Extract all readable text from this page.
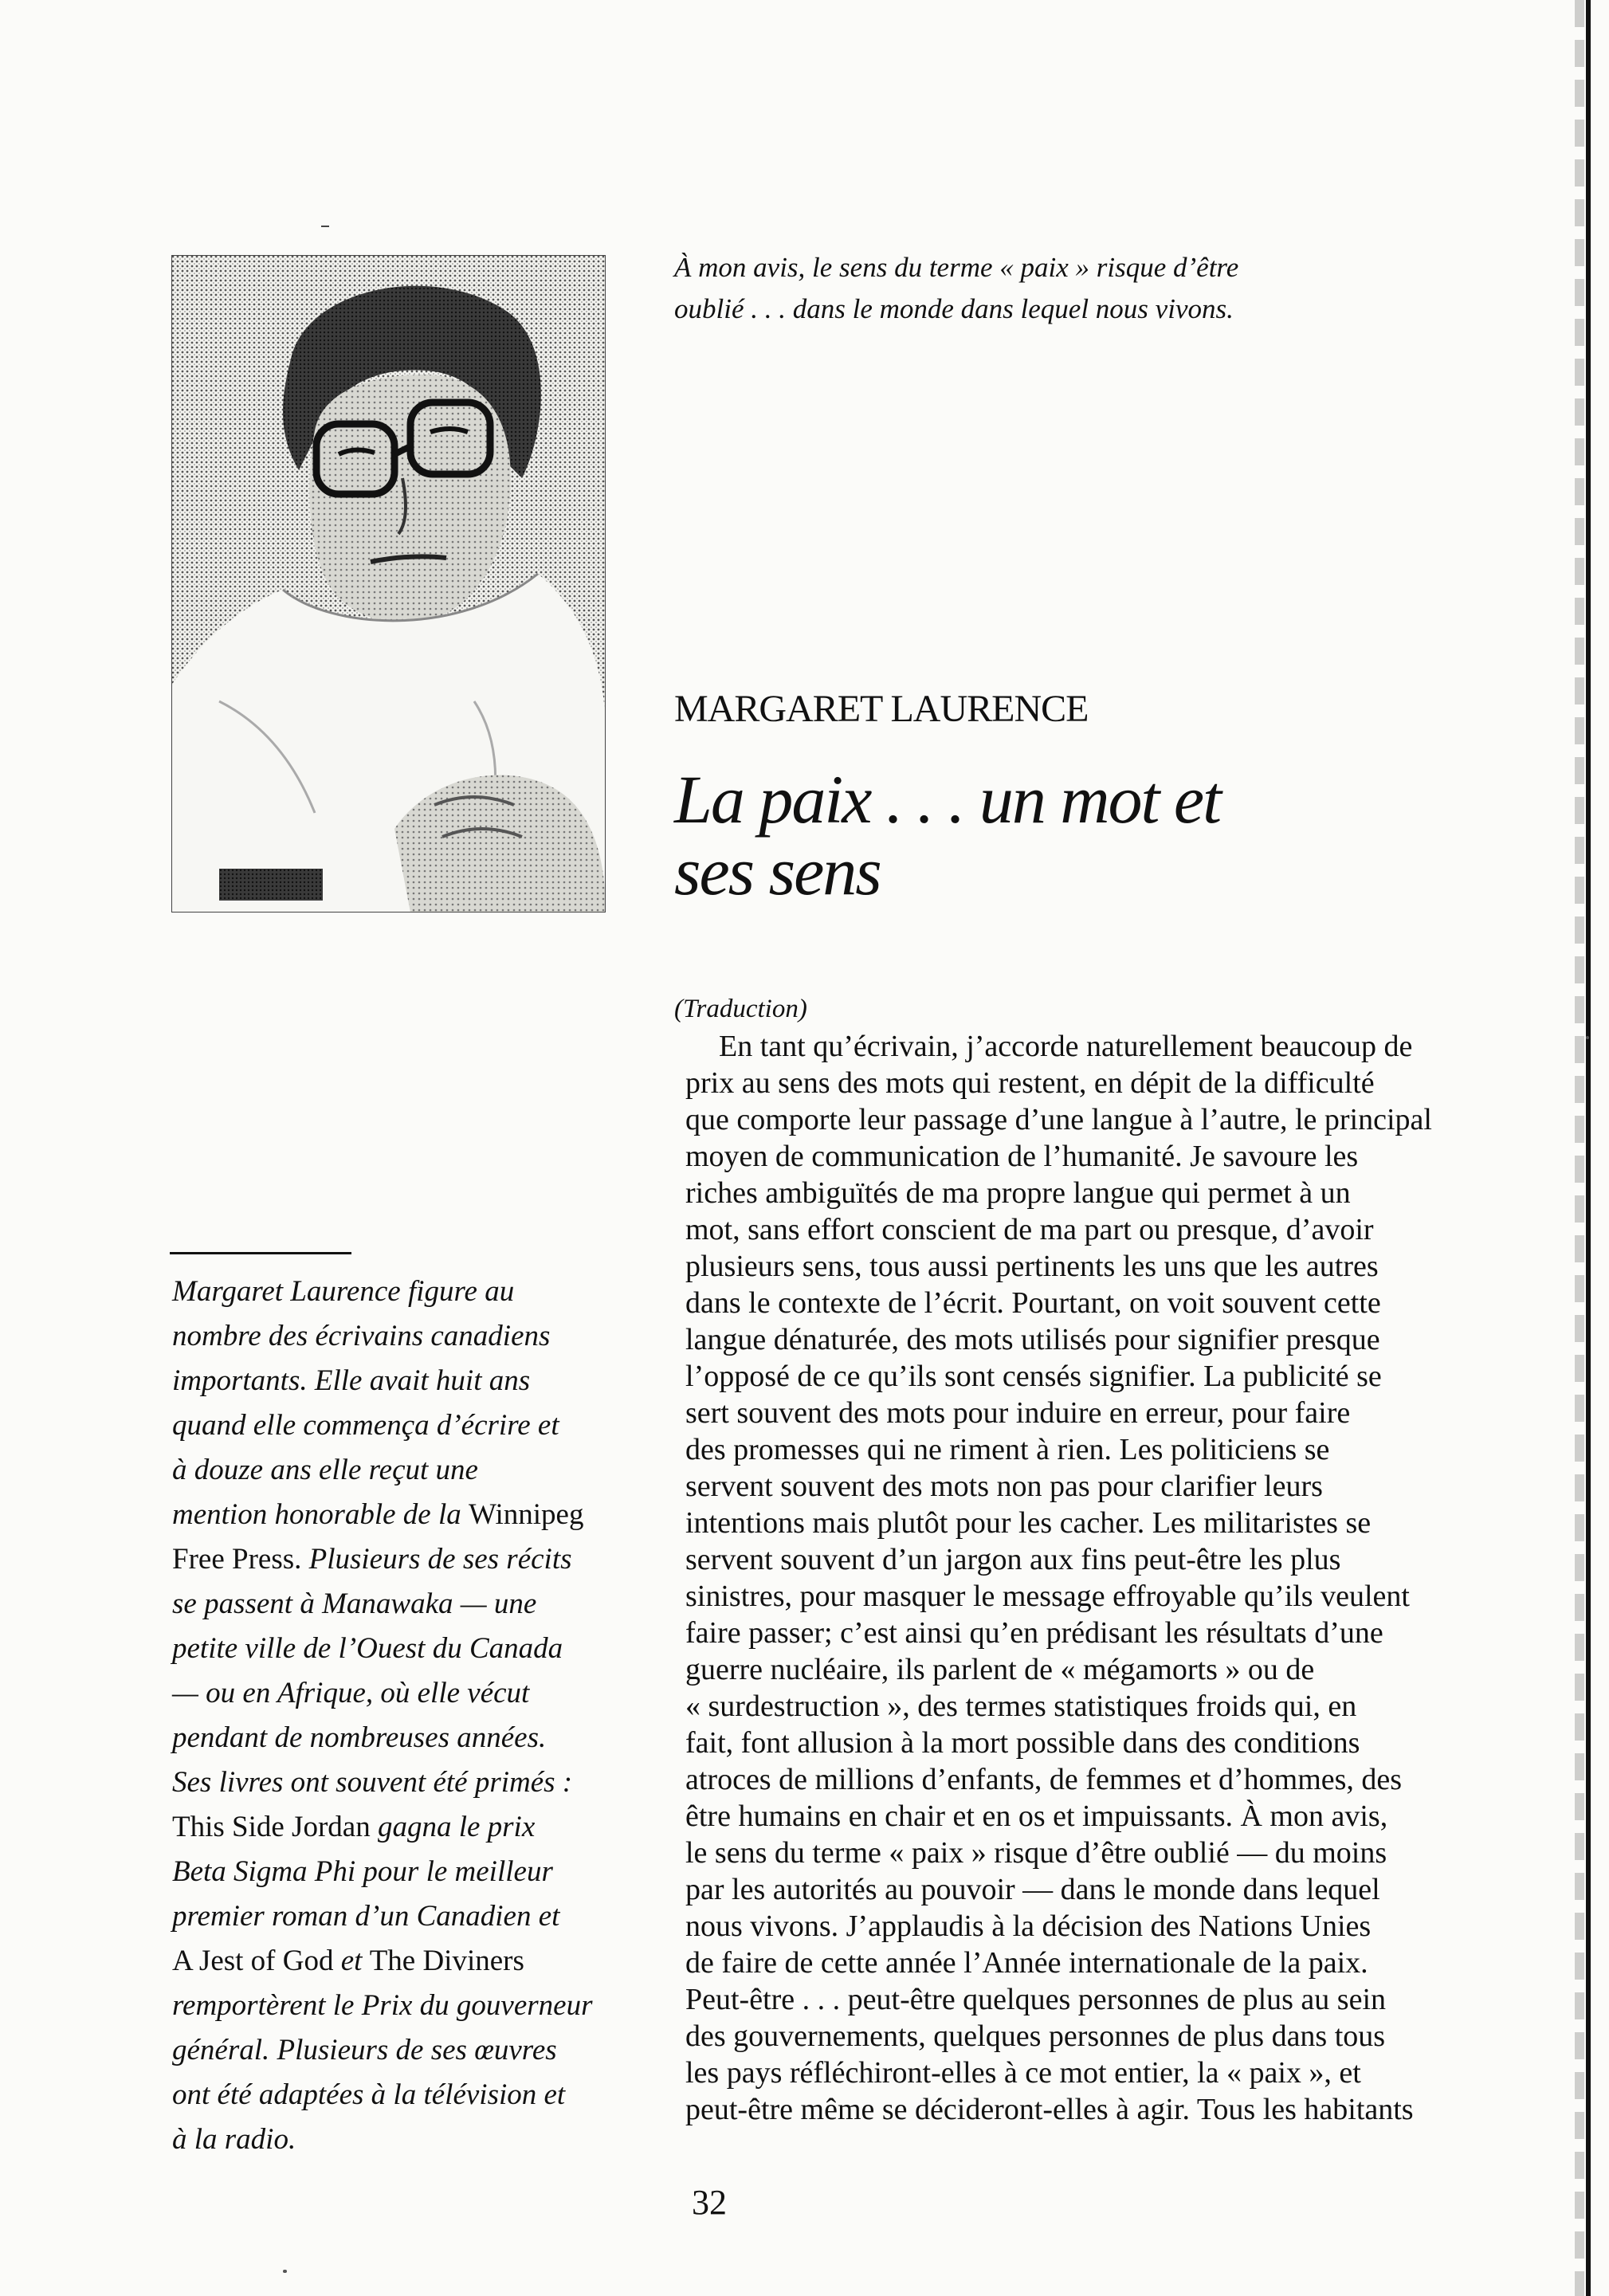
À mon avis, le sens du terme « paix » risque d’être
oublié . . . dans le monde dans lequel nous vivons.
MARGARET LAURENCE
La paix . . . un mot et
ses sens
(Traduction)
En tant qu’écrivain, j’accorde naturellement beaucoup de
prix au sens des mots qui restent, en dépit de la difficulté
que comporte leur passage d’une langue à l’autre, le principal
moyen de communication de l’humanité. Je savoure les
riches ambiguïtés de ma propre langue qui permet à un
mot, sans effort conscient de ma part ou presque, d’avoir
plusieurs sens, tous aussi pertinents les uns que les autres
dans le contexte de l’écrit. Pourtant, on voit souvent cette
langue dénaturée, des mots utilisés pour signifier presque
l’opposé de ce qu’ils sont censés signifier. La publicité se
sert souvent des mots pour induire en erreur, pour faire
des promesses qui ne riment à rien. Les politiciens se
servent souvent des mots non pas pour clarifier leurs
intentions mais plutôt pour les cacher. Les militaristes se
servent souvent d’un jargon aux fins peut-être les plus
sinistres, pour masquer le message effroyable qu’ils veulent
faire passer; c’est ainsi qu’en prédisant les résultats d’une
guerre nucléaire, ils parlent de « mégamorts » ou de
« surdestruction », des termes statistiques froids qui, en
fait, font allusion à la mort possible dans des conditions
atroces de millions d’enfants, de femmes et d’hommes, des
être humains en chair et en os et impuissants. À mon avis,
le sens du terme « paix » risque d’être oublié — du moins
par les autorités au pouvoir — dans le monde dans lequel
nous vivons. J’applaudis à la décision des Nations Unies
de faire de cette année l’Année internationale de la paix.
Peut-être . . . peut-être quelques personnes de plus au sein
des gouvernements, quelques personnes de plus dans tous
les pays réfléchiront-elles à ce mot entier, la « paix », et
peut-être même se décideront-elles à agir. Tous les habitants
Margaret Laurence figure au
nombre des écrivains canadiens
importants. Elle avait huit ans
quand elle commença d’écrire et
à douze ans elle reçut une
mention honorable de la Winnipeg
Free Press. Plusieurs de ses récits
se passent à Manawaka — une
petite ville de l’Ouest du Canada
— ou en Afrique, où elle vécut
pendant de nombreuses années.
Ses livres ont souvent été primés :
This Side Jordan gagna le prix
Beta Sigma Phi pour le meilleur
premier roman d’un Canadien et
A Jest of God et The Diviners
remportèrent le Prix du gouverneur
général. Plusieurs de ses œuvres
ont été adaptées à la télévision et
à la radio.
32
